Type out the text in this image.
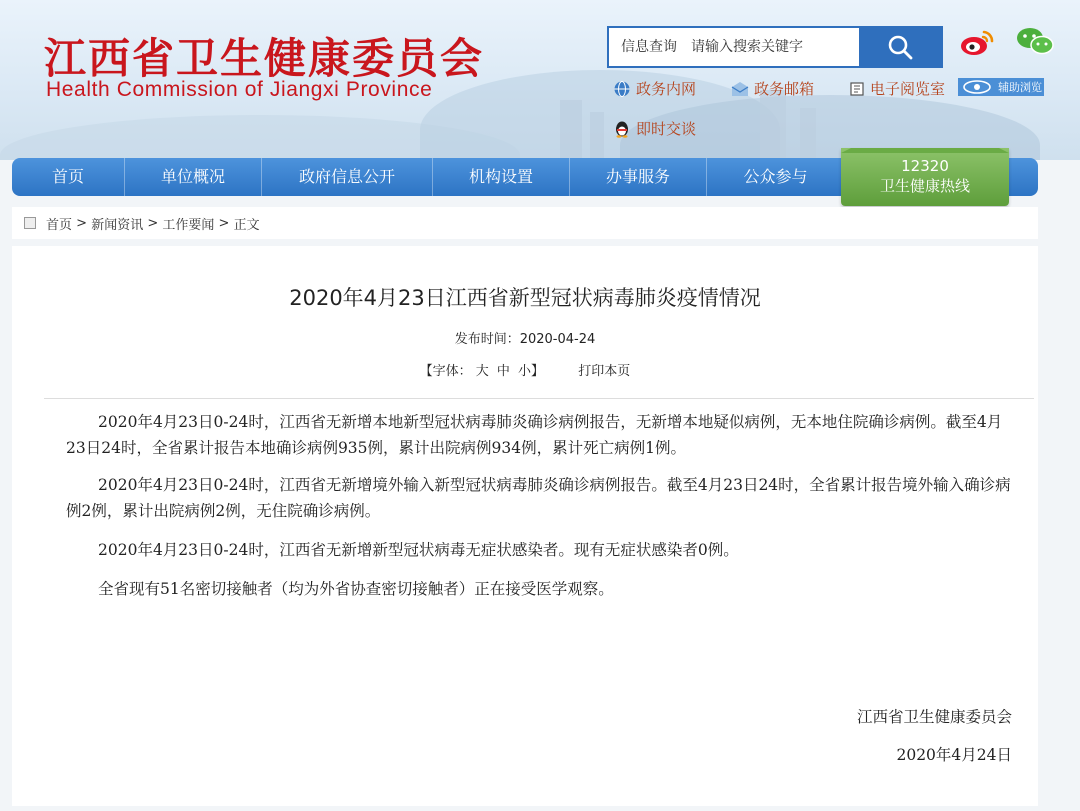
江西省卫生健康委员会
Health Commission of Jiangxi Province
信息查询
请输入搜索关键字
政务内网	政务邮箱	电子阅览室
即时交谈
辅助浏览
首页	单位概况	政府信息公开	机构设置	办事服务	公众参与
12320
卫生健康热线
首页 > 新闻资讯 > 工作要闻 > 正文
2020年4月23日江西省新型冠状病毒肺炎疫情情况
发布时间：2020-04-24
【字体： 大 中 小】	打印本页

2020年4月23日0-24时，江西省无新增本地新型冠状病毒肺炎确诊病例报告，无新增本地疑似病例，无本地住院确诊病例。截至4月23日24时，全省累计报告本地确诊病例935例，累计出院病例934例，累计死亡病例1例。

2020年4月23日0-24时，江西省无新增境外输入新型冠状病毒肺炎确诊病例报告。截至4月23日24时，全省累计报告境外输入确诊病例2例，累计出院病例2例，无住院确诊病例。

2020年4月23日0-24时，江西省无新增新型冠状病毒无症状感染者。现有无症状感染者0例。

全省现有51名密切接触者（均为外省协查密切接触者）正在接受医学观察。

江西省卫生健康委员会
2020年4月24日
